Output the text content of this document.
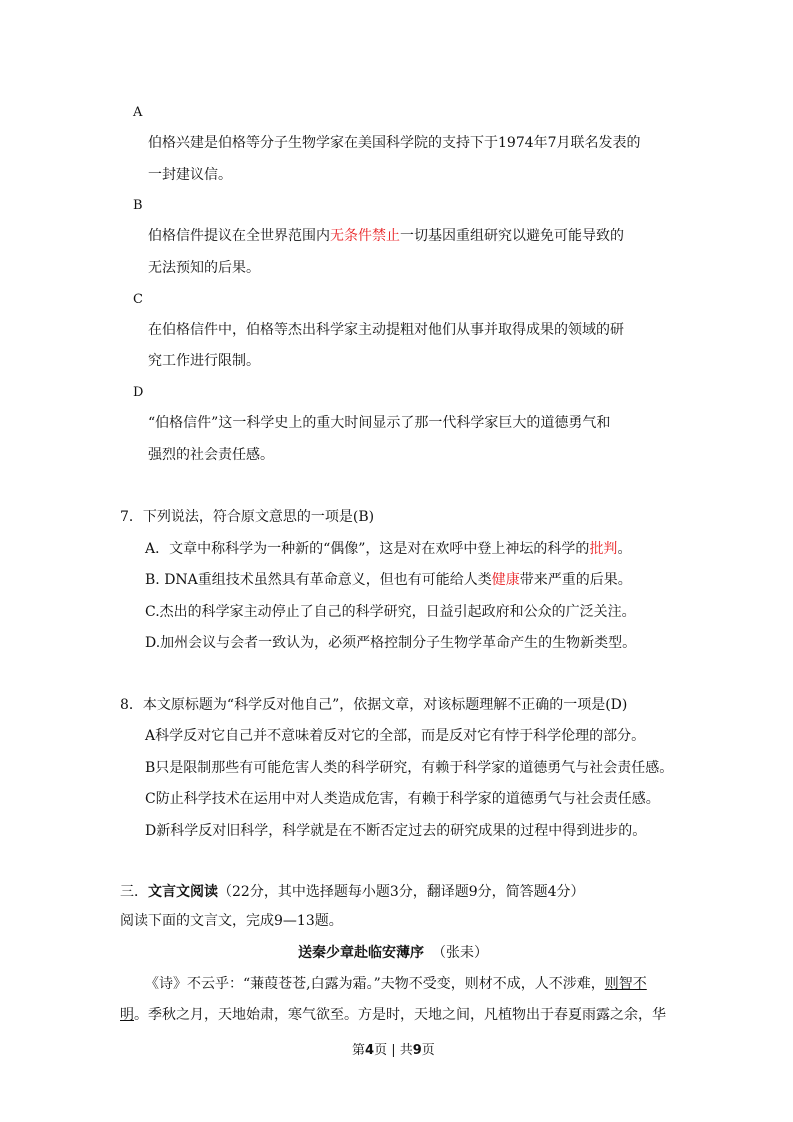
A
伯格兴建是伯格等分子生物学家在美国科学院的支持下于1974年7月联名发表的
一封建议信。
B
伯格信件提议在全世界范围内无条件禁止一切基因重组研究以避免可能导致的
无法预知的后果。
C
在伯格信件中，伯格等杰出科学家主动提粗对他们从事并取得成果的领域的研
究工作进行限制。
D
“伯格信件”这一科学史上的重大时间显示了那一代科学家巨大的道德勇气和
强烈的社会责任感。
7．下列说法，符合原文意思的一项是(B)
A．文章中称科学为一种新的“偶像”，这是对在欢呼中登上神坛的科学的批判。
B. DNA重组技术虽然具有革命意义，但也有可能给人类健康带来严重的后果。
C.杰出的科学家主动停止了自己的科学研究，日益引起政府和公众的广泛关注。
D.加州会议与会者一致认为，必须严格控制分子生物学革命产生的生物新类型。
8．本文原标题为“科学反对他自己”，依据文章，对该标题理解不正确的一项是(D)
A科学反对它自己并不意味着反对它的全部，而是反对它有悖于科学伦理的部分。
B只是限制那些有可能危害人类的科学研究，有赖于科学家的道德勇气与社会责任感。
C防止科学技术在运用中对人类造成危害，有赖于科学家的道德勇气与社会责任感。
D新科学反对旧科学，科学就是在不断否定过去的研究成果的过程中得到进步的。
三．文言文阅读（22分，其中选择题每小题3分，翻译题9分，简答题4分）
阅读下面的文言文，完成9—13题。
送秦少章赴临安薄序 （张耒）
《诗》不云乎：“蒹葭苍苍,白露为霜。”夫物不受变，则材不成，人不涉难，则智不
明。季秋之月，天地始肃，寒气欲至。方是时，天地之间，凡植物出于春夏雨露之余，华
第4页 | 共9页
